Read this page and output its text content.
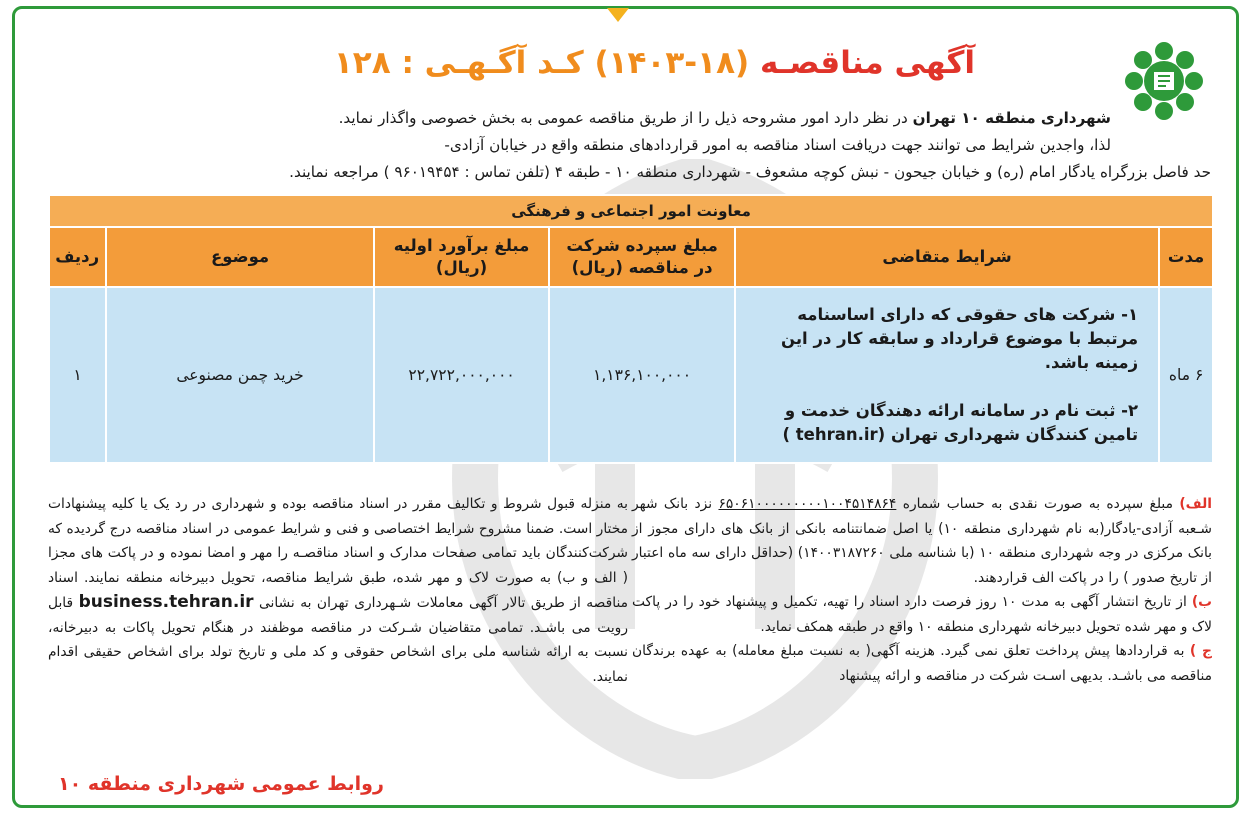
آگهی مناقصـه (۱۸-۱۴۰۳) کـد آگـهـی : ۱۲۸

شهرداری منطقه ۱۰ تهران در نظر دارد امور مشروحه ذیل را از طریق مناقصه عمومی به بخش خصوصی واگذار نماید.

لذا، واجدین شرایط می توانند جهت دریافت اسناد مناقصه به امور قراردادهای منطقه واقع در خیابان آزادی-

حد فاصل بزرگراه یادگار امام (ره) و خیابان جیحون - نبش کوچه مشعوف - شهرداری منطقه ۱۰ - طبقه ۴ (تلفن تماس : ۹۶۰۱۹۴۵۴ ) مراجعه نمایند.

معاونت امور اجتماعی و فرهنگی					
مدت	شرایط متقاضی	مبلغ سپرده شرکت در مناقصه (ریال)	مبلغ برآورد اولیه (ریال)	موضوع	ردیف
۶ ماه	۱- شرکت های حقوقی که دارای اساسنامه مرتبط با موضوع قرارداد و سابقه کار در این زمینه باشد.

۲- ثبت نام در سامانه ارائه دهندگان خدمت و تامین کنندگان شهرداری تهران (tehran.ir )	۱,۱۳۶,۱۰۰,۰۰۰	۲۲,۷۲۲,۰۰۰,۰۰۰	خرید چمن مصنوعی	۱

الف) مبلغ سپرده به صورت نقدی به حساب شماره ۶۵۰۶۱۰۰۰۰۰۰۰۰۰۱۰۰۴۵۱۴۸۶۴ نزد بانک شهر شـعبه آزادی-یادگار(به نام شهرداری منطقه ۱۰) یا اصل ضمانتنامه بانکی از بانک های دارای مجوز از بانک مرکزی در وجه شهرداری منطقه ۱۰ (با شناسه ملی ۱۴۰۰۳۱۸۷۲۶۰) (حداقل دارای سه ماه اعتبار از تاریخ صدور ) را در پاکت الف قراردهند.

ب) از تاریخ انتشار آگهی به مدت ۱۰ روز فرصت دارد اسناد را تهیه، تکمیل و پیشنهاد خود را در پاکت لاک و مهر شده تحویل دبیرخانه شهرداری منطقه ۱۰ واقع در طبقه همکف نماید.

ج ) به قراردادها پیش پرداخت تعلق نمی گیرد. هزینه آگهی( به نسبت مبلغ معامله) به عهده برندگان مناقصه می باشـد. بدیهی اسـت شرکت در مناقصه و ارائه پیشنهاد

به منزله قبول شروط و تکالیف مقرر در اسناد مناقصه بوده و شهرداری در رد یک یا کلیه پیشنهادات مختار است. ضمنا مشروح شرایط اختصاصی و فنی و شرایط عمومی در اسناد مناقصه درج گردیده که شرکت‌کنندگان باید تمامی صفحات مدارک و اسناد مناقصـه را مهر و امضا نموده و در پاکت های مجزا ( الف و ب) به صورت لاک و مهر شده، طبق شرایط مناقصه، تحویل دبیرخانه منطقه نمایند. اسناد مناقصه از طریق تالار آگهی معاملات شـهرداری تهران به نشانی business.tehran.ir قابل رویت می باشـد. تمامی متقاضیان شـرکت در مناقصه موظفند در هنگام تحویل پاکات به دبیرخانه، نسبت به ارائه شناسه ملی برای اشخاص حقوقی و کد ملی و تاریخ تولد برای اشخاص حقیقی اقدام نمایند.

روابط عمومی شهرداری منطقه ۱۰
